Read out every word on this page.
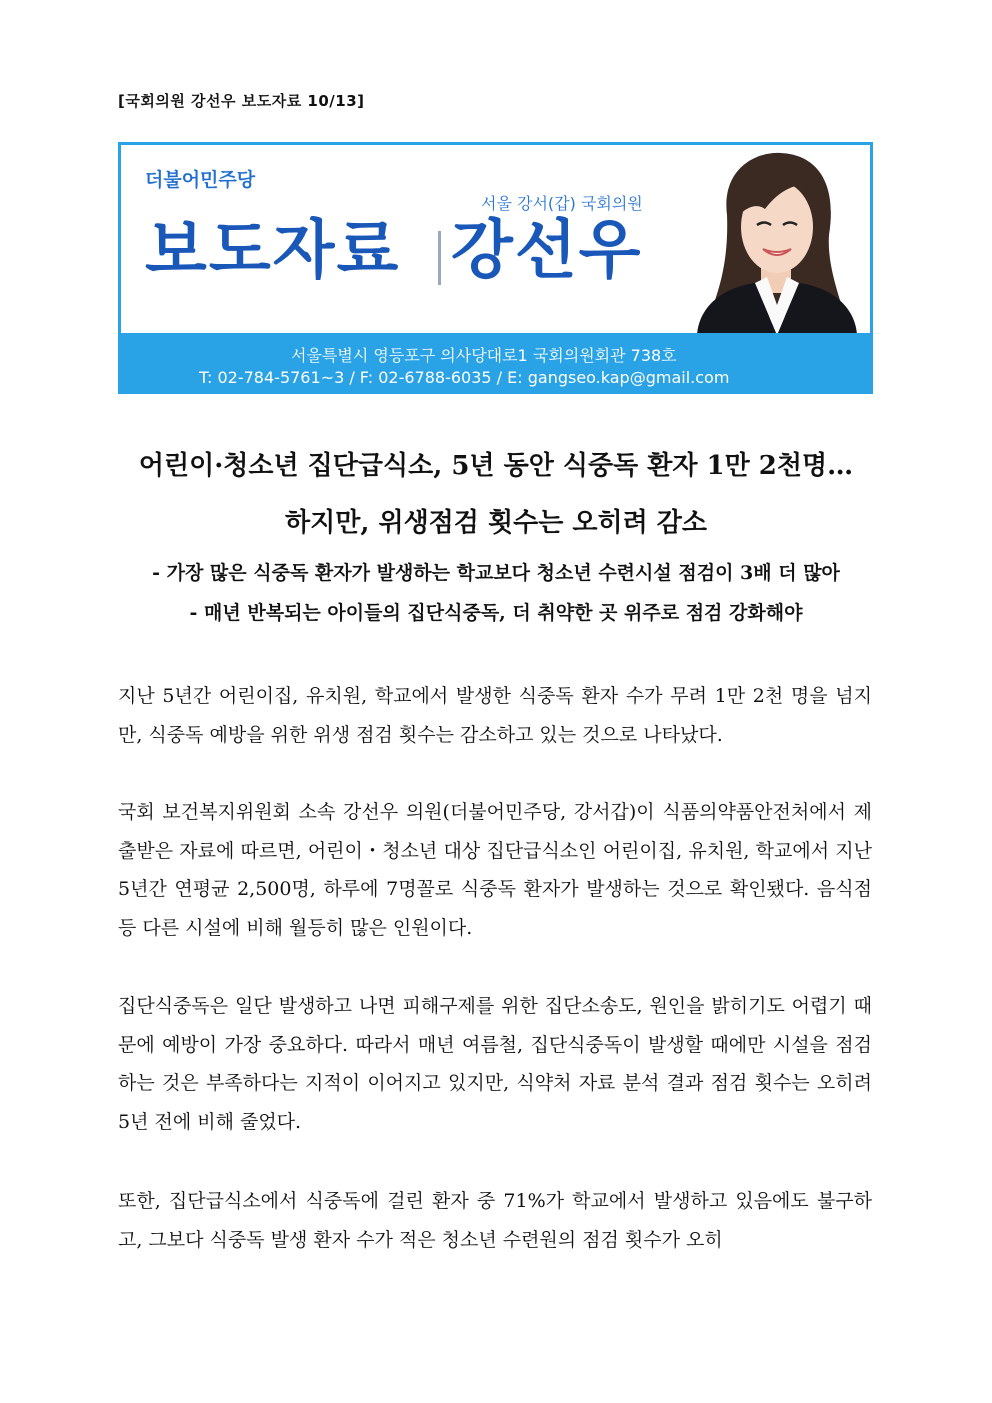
[국회의원 강선우 보도자료 10/13]
더불어민주당
서울 강서(갑) 국회의원
보도자료 강선우
서울특별시 영등포구 의사당대로1 국회의원회관 738호
T: 02-784-5761~3 / F: 02-6788-6035 / E: gangseo.kap@gmail.com
어린이·청소년 집단급식소, 5년 동안 식중독 환자 1만 2천명…
하지만, 위생점검 횟수는 오히려 감소
- 가장 많은 식중독 환자가 발생하는 학교보다 청소년 수련시설 점검이 3배 더 많아
- 매년 반복되는 아이들의 집단식중독, 더 취약한 곳 위주로 점검 강화해야

지난 5년간 어린이집, 유치원, 학교에서 발생한 식중독 환자 수가 무려 1만 2천 명을 넘지만, 식중독 예방을 위한 위생 점검 횟수는 감소하고 있는 것으로 나타났다.

국회 보건복지위원회 소속 강선우 의원(더불어민주당, 강서갑)이 식품의약품안전처에서 제출받은 자료에 따르면, 어린이・청소년 대상 집단급식소인 어린이집, 유치원, 학교에서 지난 5년간 연평균 2,500명, 하루에 7명꼴로 식중독 환자가 발생하는 것으로 확인됐다. 음식점 등 다른 시설에 비해 월등히 많은 인원이다.

집단식중독은 일단 발생하고 나면 피해구제를 위한 집단소송도, 원인을 밝히기도 어렵기 때문에 예방이 가장 중요하다. 따라서 매년 여름철, 집단식중독이 발생할 때에만 시설을 점검하는 것은 부족하다는 지적이 이어지고 있지만, 식약처 자료 분석 결과 점검 횟수는 오히려 5년 전에 비해 줄었다.

또한, 집단급식소에서 식중독에 걸린 환자 중 71%가 학교에서 발생하고 있음에도 불구하고, 그보다 식중독 발생 환자 수가 적은 청소년 수련원의 점검 횟수가 오히
